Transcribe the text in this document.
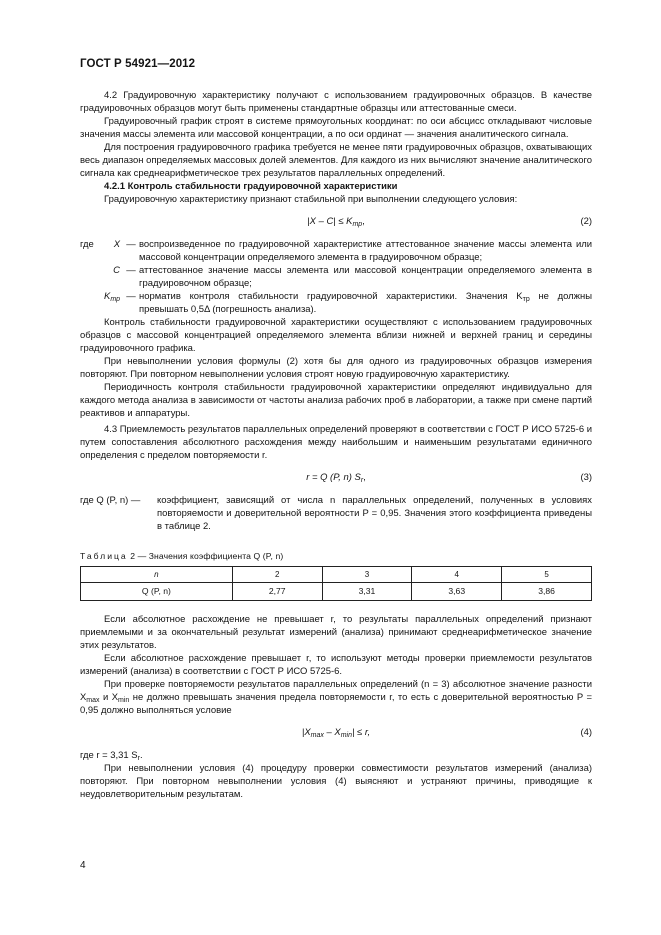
ГОСТ Р 54921—2012

4.2 Градуировочную характеристику получают с использованием градуировочных образцов. В качестве градуировочных образцов могут быть применены стандартные образцы или аттестованные смеси.

Градуировочный график строят в системе прямоугольных координат: по оси абсцисс откладывают числовые значения массы элемента или массовой концентрации, а по оси ординат — значения аналитического сигнала.

Для построения градуировочного графика требуется не менее пяти градуировочных образцов, охватывающих весь диапазон определяемых массовых долей элементов. Для каждого из них вычисляют значение аналитического сигнала как среднеарифметическое трех результатов параллельных определений.

4.2.1 Контроль стабильности градуировочной характеристики

Градуировочную характеристику признают стабильной при выполнении следующего условия:

$|X - C| \le K_{тр}$,	(2)
где	X	—	воспроизведенное по градуировочной характеристике аттестованное значение массы элемента или массовой концентрации определяемого элемента в градуировочном образце;
	C	—	аттестованное значение массы элемента или массовой концентрации определяемого элемента в градуировочном образце;
	$K_{тр}$	—	норматив контроля стабильности градуировочной характеристики. Значения $K_{тр}$ не должны превышать 0,5Δ (погрешность анализа).

Контроль стабильности градуировочной характеристики осуществляют с использованием градуировочных образцов с массовой концентрацией определяемого элемента вблизи нижней и верхней границ и середины градуировочного графика.

При невыполнении условия формулы (2) хотя бы для одного из градуировочных образцов измерения повторяют. При повторном невыполнении условия строят новую градуировочную характеристику.

Периодичность контроля стабильности градуировочной характеристики определяют индивидуально для каждого метода анализа в зависимости от частоты анализа рабочих проб в лаборатории, а также при смене партий реактивов и аппаратуры.

4.3 Приемлемость результатов параллельных определений проверяют в соответствии с ГОСТ Р ИСО 5725-6 и путем сопоставления абсолютного расхождения между наибольшим и наименьшим результатами единичного определения с пределом повторяемости r.

r = Q (P, n) $S_r$,	(3)
где Q (P, n) —	коэффициент, зависящий от числа n параллельных определений, полученных в условиях повторяемости и доверительной вероятности P = 0,95. Значения этого коэффициента приведены в таблице 2.

Таблица 2 — Значения коэффициента Q (P, n)

n	2	3	4	5
Q (P, n)	2,77	3,31	3,63	3,86

Если абсолютное расхождение не превышает r, то результаты параллельных определений признают приемлемыми и за окончательный результат измерений (анализа) принимают среднеарифметическое значение этих результатов.

Если абсолютное расхождение превышает r, то используют методы проверки приемлемости результатов измерений (анализа) в соответствии с ГОСТ Р ИСО 5725-6.

При проверке повторяемости результатов параллельных определений (n = 3) абсолютное значение разности $X_{max}$ и $X_{min}$ не должно превышать значения предела повторяемости r, то есть с доверительной вероятностью P = 0,95 должно выполняться условие

$|X_{max} - X_{min}| \le r$,	(4)

где r = 3,31 $S_r$.

При невыполнении условия (4) процедуру проверки совместимости результатов измерений (анализа) повторяют. При повторном невыполнении условия (4) выясняют и устраняют причины, приводящие к неудовлетворительным результатам.

4
